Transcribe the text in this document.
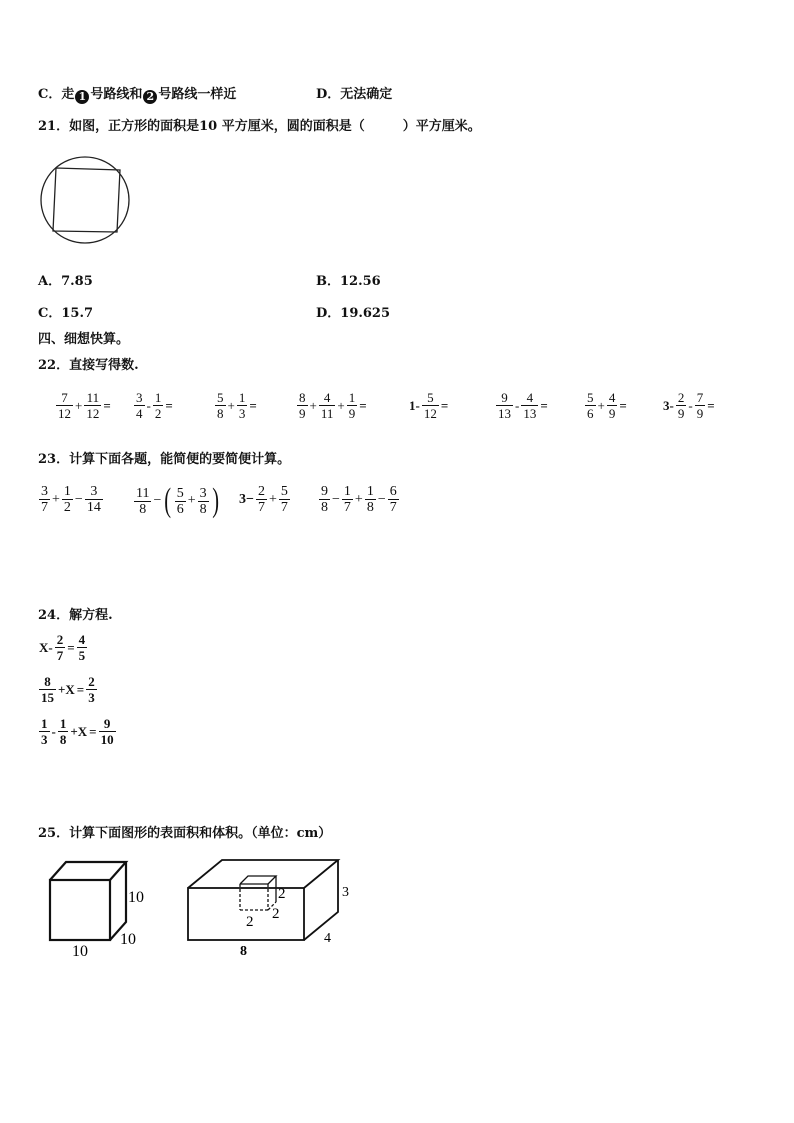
C．走 1 号路线和 2 号路线一样近	D．无法确定
21．如图，正方形的面积是10 平方厘米，圆的面积是（	）平方厘米。
A．7.85	B．12.56
C．15.7	D．19.625
四、细想快算。
22．直接写得数.
$\frac{7}{12} + \frac{11}{12} = \frac{3}{4} - \frac{1}{2}$ =	$\frac{5}{8} + \frac{1}{3}$ =	$\frac{8}{9} + \frac{4}{11} + \frac{1}{9}$ =	$1- \frac{5}{12}$ =	$\frac{9}{13} - \frac{4}{13}$ =	$\frac{5}{6} + \frac{4}{9}$ =	$3- \frac{2}{9} - \frac{7}{9}$ =
23．计算下面各题，能简便的要简便计算。
$\frac{3}{7} + \frac{1}{2} - \frac{3}{14} \frac{11}{8}$ −( $\frac{5}{6} + \frac{3}{8}$ ) $3- \frac{2}{7} + \frac{5}{7} \frac{9}{8} - \frac{1}{7} + \frac{1}{8} - \frac{6}{7}$
24．解方程.
$X- \frac{2}{7} = \frac{4}{5}$
$\frac{8}{15} +X = \frac{2}{3}$
$\frac{1}{3} - \frac{1}{8} +X = \frac{9}{10}$
25．计算下面图形的表面积和体积。（单位：cm）
10
10
10
2
2
2
3
4
8
